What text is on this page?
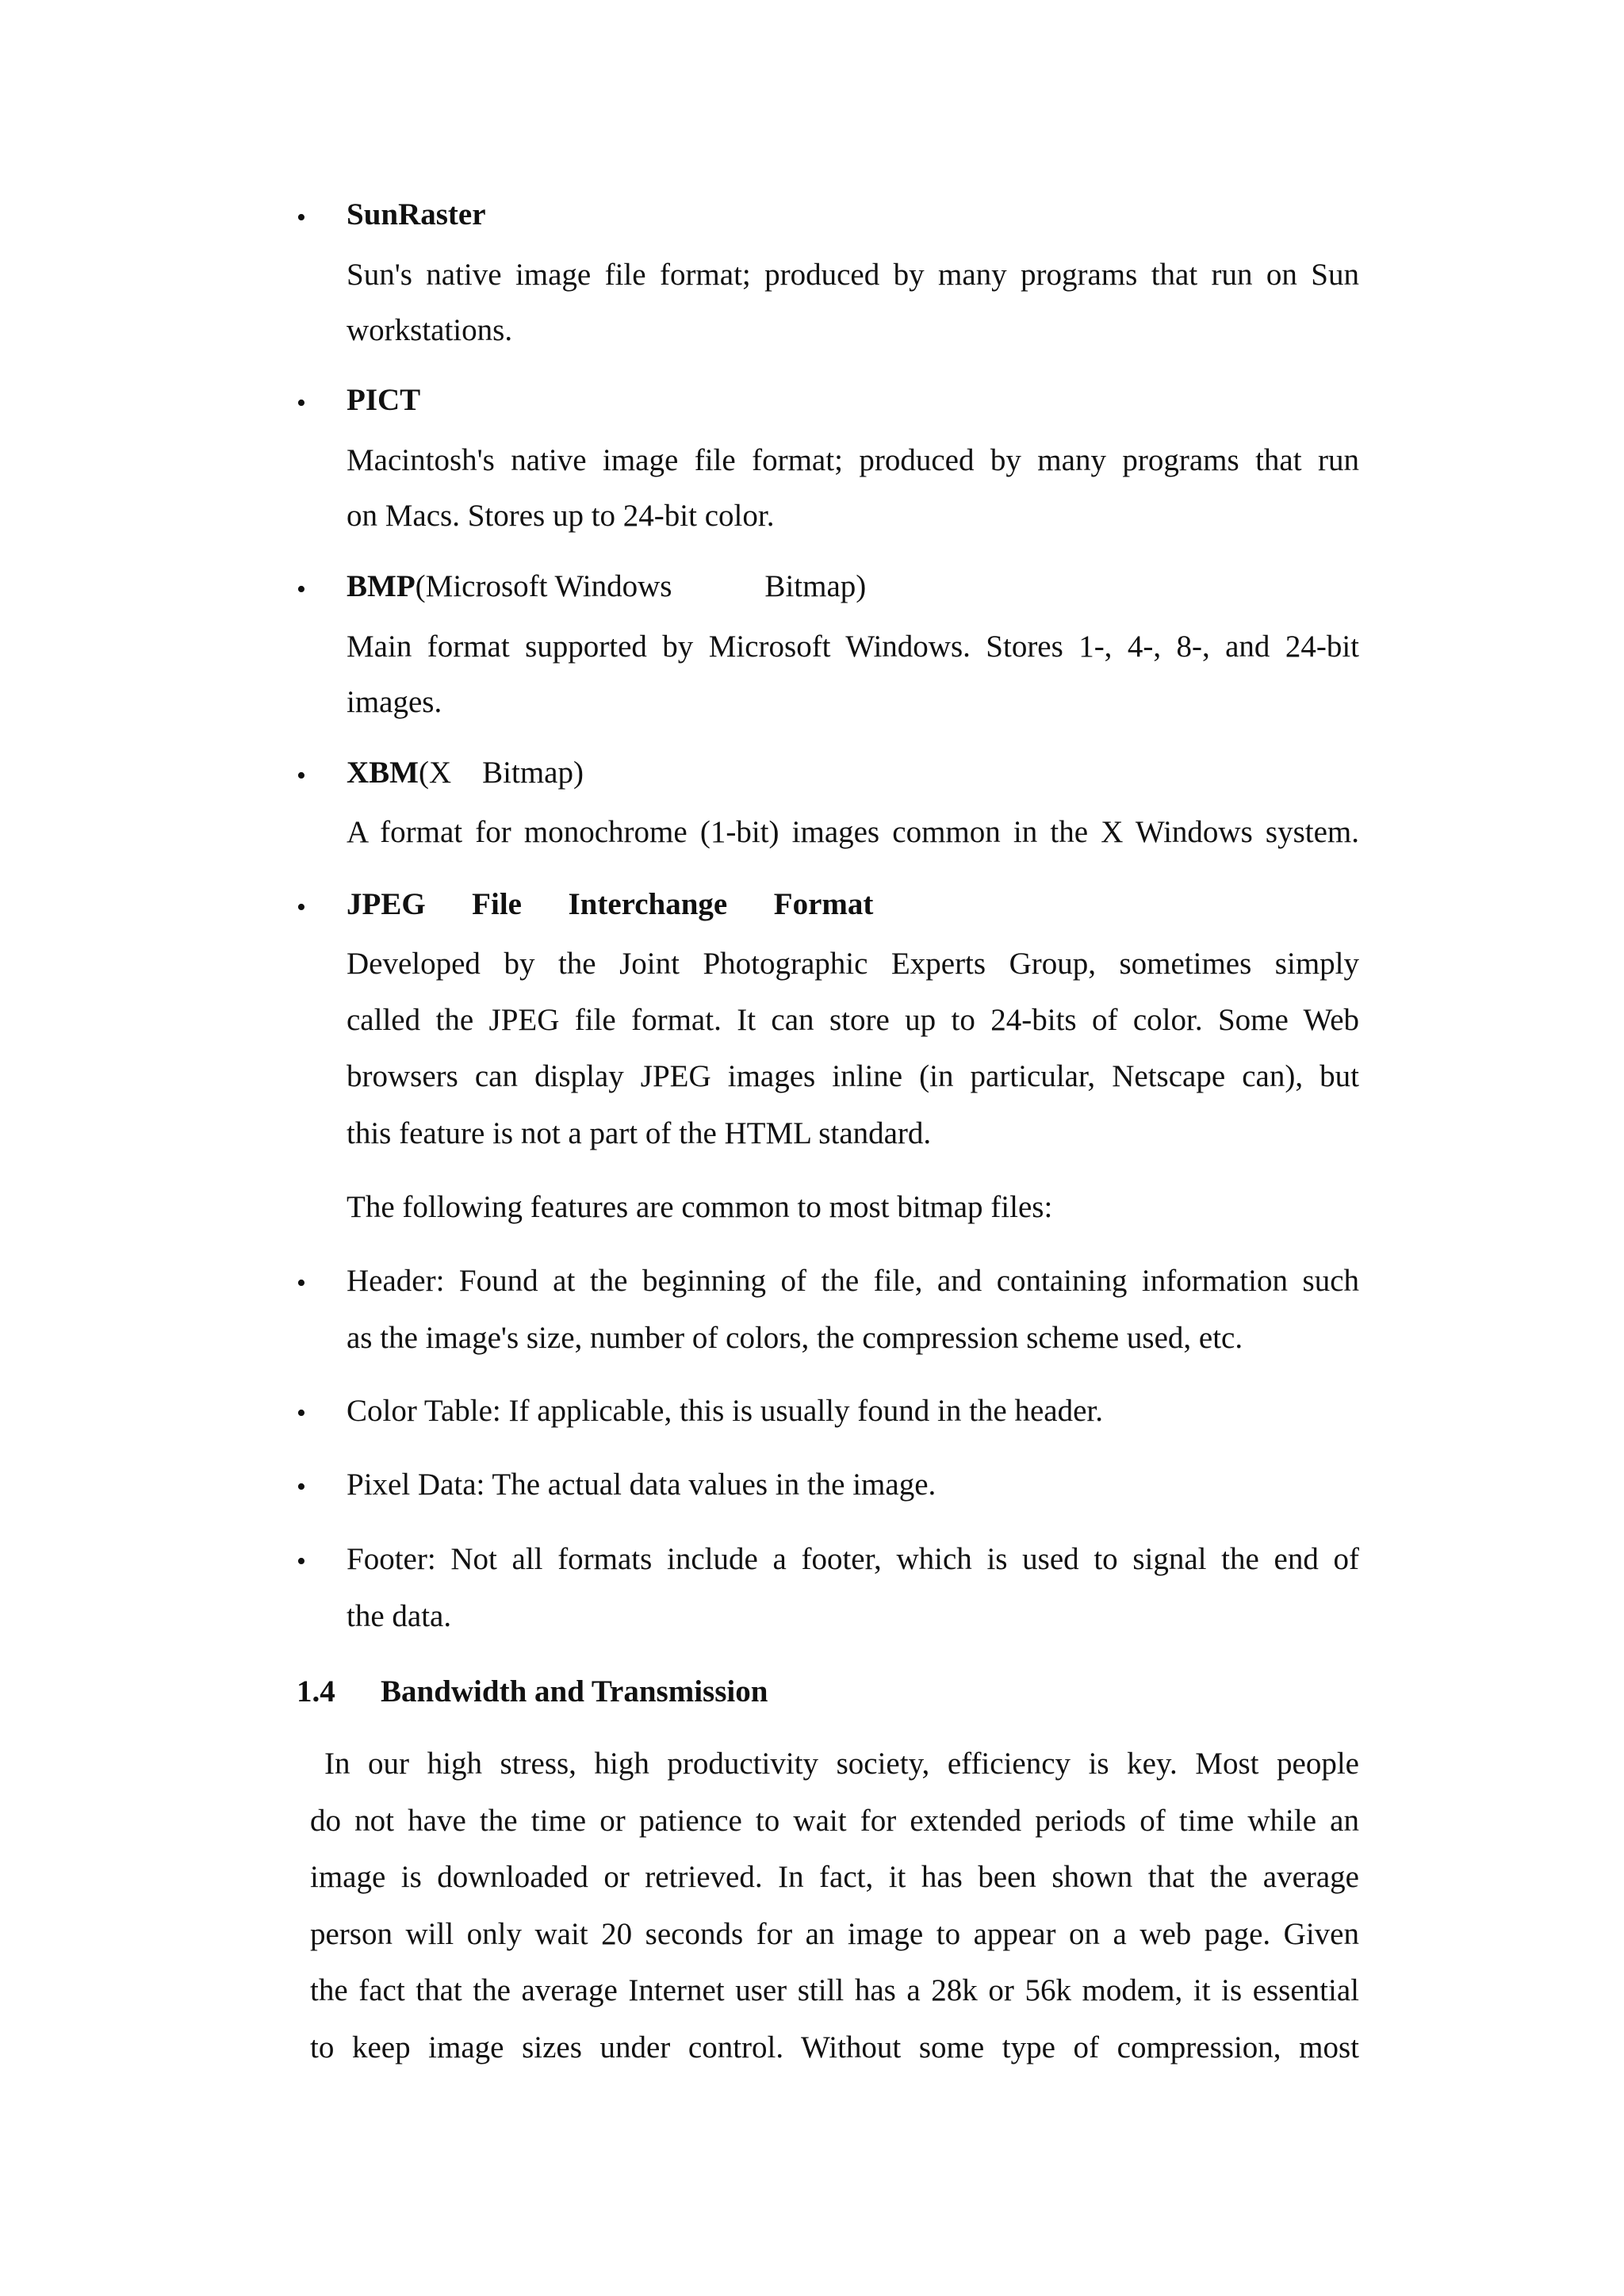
• SunRaster
Sun's native image file format; produced by many programs that run on Sun
workstations.
• PICT
Macintosh's native image file format; produced by many programs that run
on Macs. Stores up to 24-bit color.
• BMP(Microsoft Windows            Bitmap)
Main format supported by Microsoft Windows. Stores 1-, 4-, 8-, and 24-bit
images.
• XBM(X    Bitmap)
A format for monochrome (1-bit) images common in the X Windows system.
• JPEG      File      Interchange      Format
Developed by the Joint Photographic Experts Group, sometimes simply
called the JPEG file format. It can store up to 24-bits of color. Some Web
browsers can display JPEG images inline (in particular, Netscape can), but
this feature is not a part of the HTML standard.
The following features are common to most bitmap files:
• Header: Found at the beginning of the file, and containing information such
as the image's size, number of colors, the compression scheme used, etc.
• Color Table: If applicable, this is usually found in the header.
• Pixel Data: The actual data values in the image.
• Footer: Not all formats include a footer, which is used to signal the end of
the data.
1.4 Bandwidth and Transmission
In our high stress, high productivity society, efficiency is key. Most people
do not have the time or patience to wait for extended periods of time while an
image is downloaded or retrieved. In fact, it has been shown that the average
person will only wait 20 seconds for an image to appear on a web page. Given
the fact that the average Internet user still has a 28k or 56k modem, it is essential
to keep image sizes under control. Without some type of compression, most
